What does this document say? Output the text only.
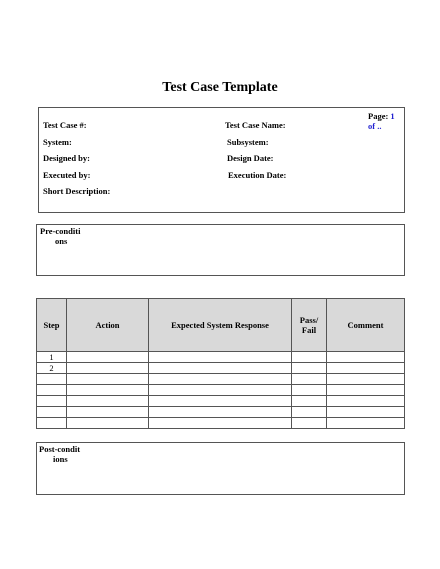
Test Case Template
Test Case #:	Test Case Name:
Page: 1
of ..
System:	Subsystem:
Designed by:	Design Date:
Executed by:	Execution Date:
Short Description:
Pre-conditi
ons
Step	Action	Expected System Response	Pass/ Fail	Comment
1				
2				

Post-condit
ions
